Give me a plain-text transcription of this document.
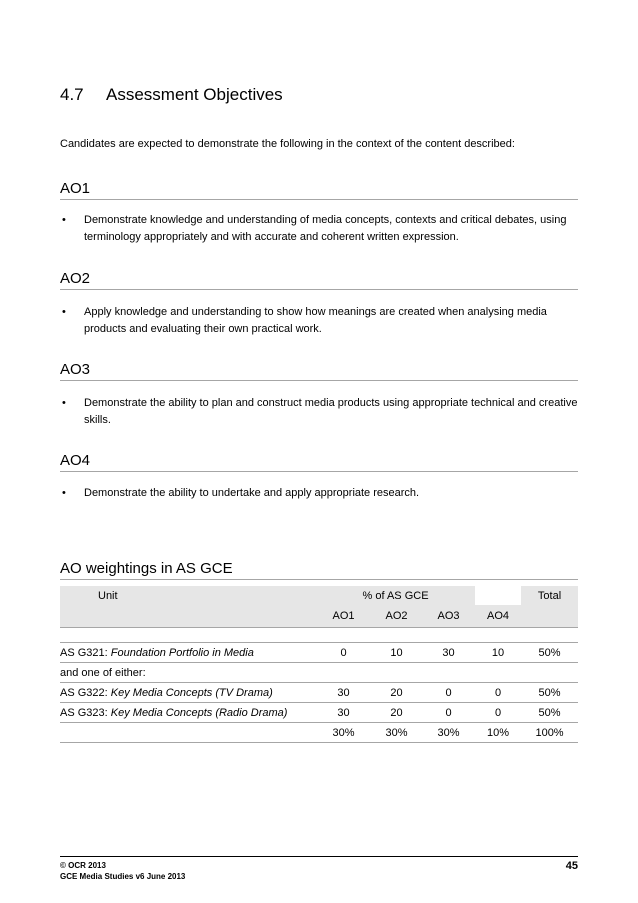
4.7 Assessment Objectives
Candidates are expected to demonstrate the following in the context of the content described:
AO1
• Demonstrate knowledge and understanding of media concepts, contexts and critical debates, using terminology appropriately and with accurate and coherent written expression.
AO2
• Apply knowledge and understanding to show how meanings are created when analysing media products and evaluating their own practical work.
AO3
• Demonstrate the ability to plan and construct media products using appropriate technical and creative skills.
AO4
• Demonstrate the ability to undertake and apply appropriate research.
AO weightings in AS GCE
Unit	% of AS GCE				Total
	AO1	AO2	AO3	AO4	

AS G321: Foundation Portfolio in Media	0	10	30	10	50%
and one of either:					
AS G322: Key Media Concepts (TV Drama)	30	20	0	0	50%
AS G323: Key Media Concepts (Radio Drama)	30	20	0	0	50%
	30%	30%	30%	10%	100%
© OCR 2013
GCE Media Studies v6 June 2013
45
